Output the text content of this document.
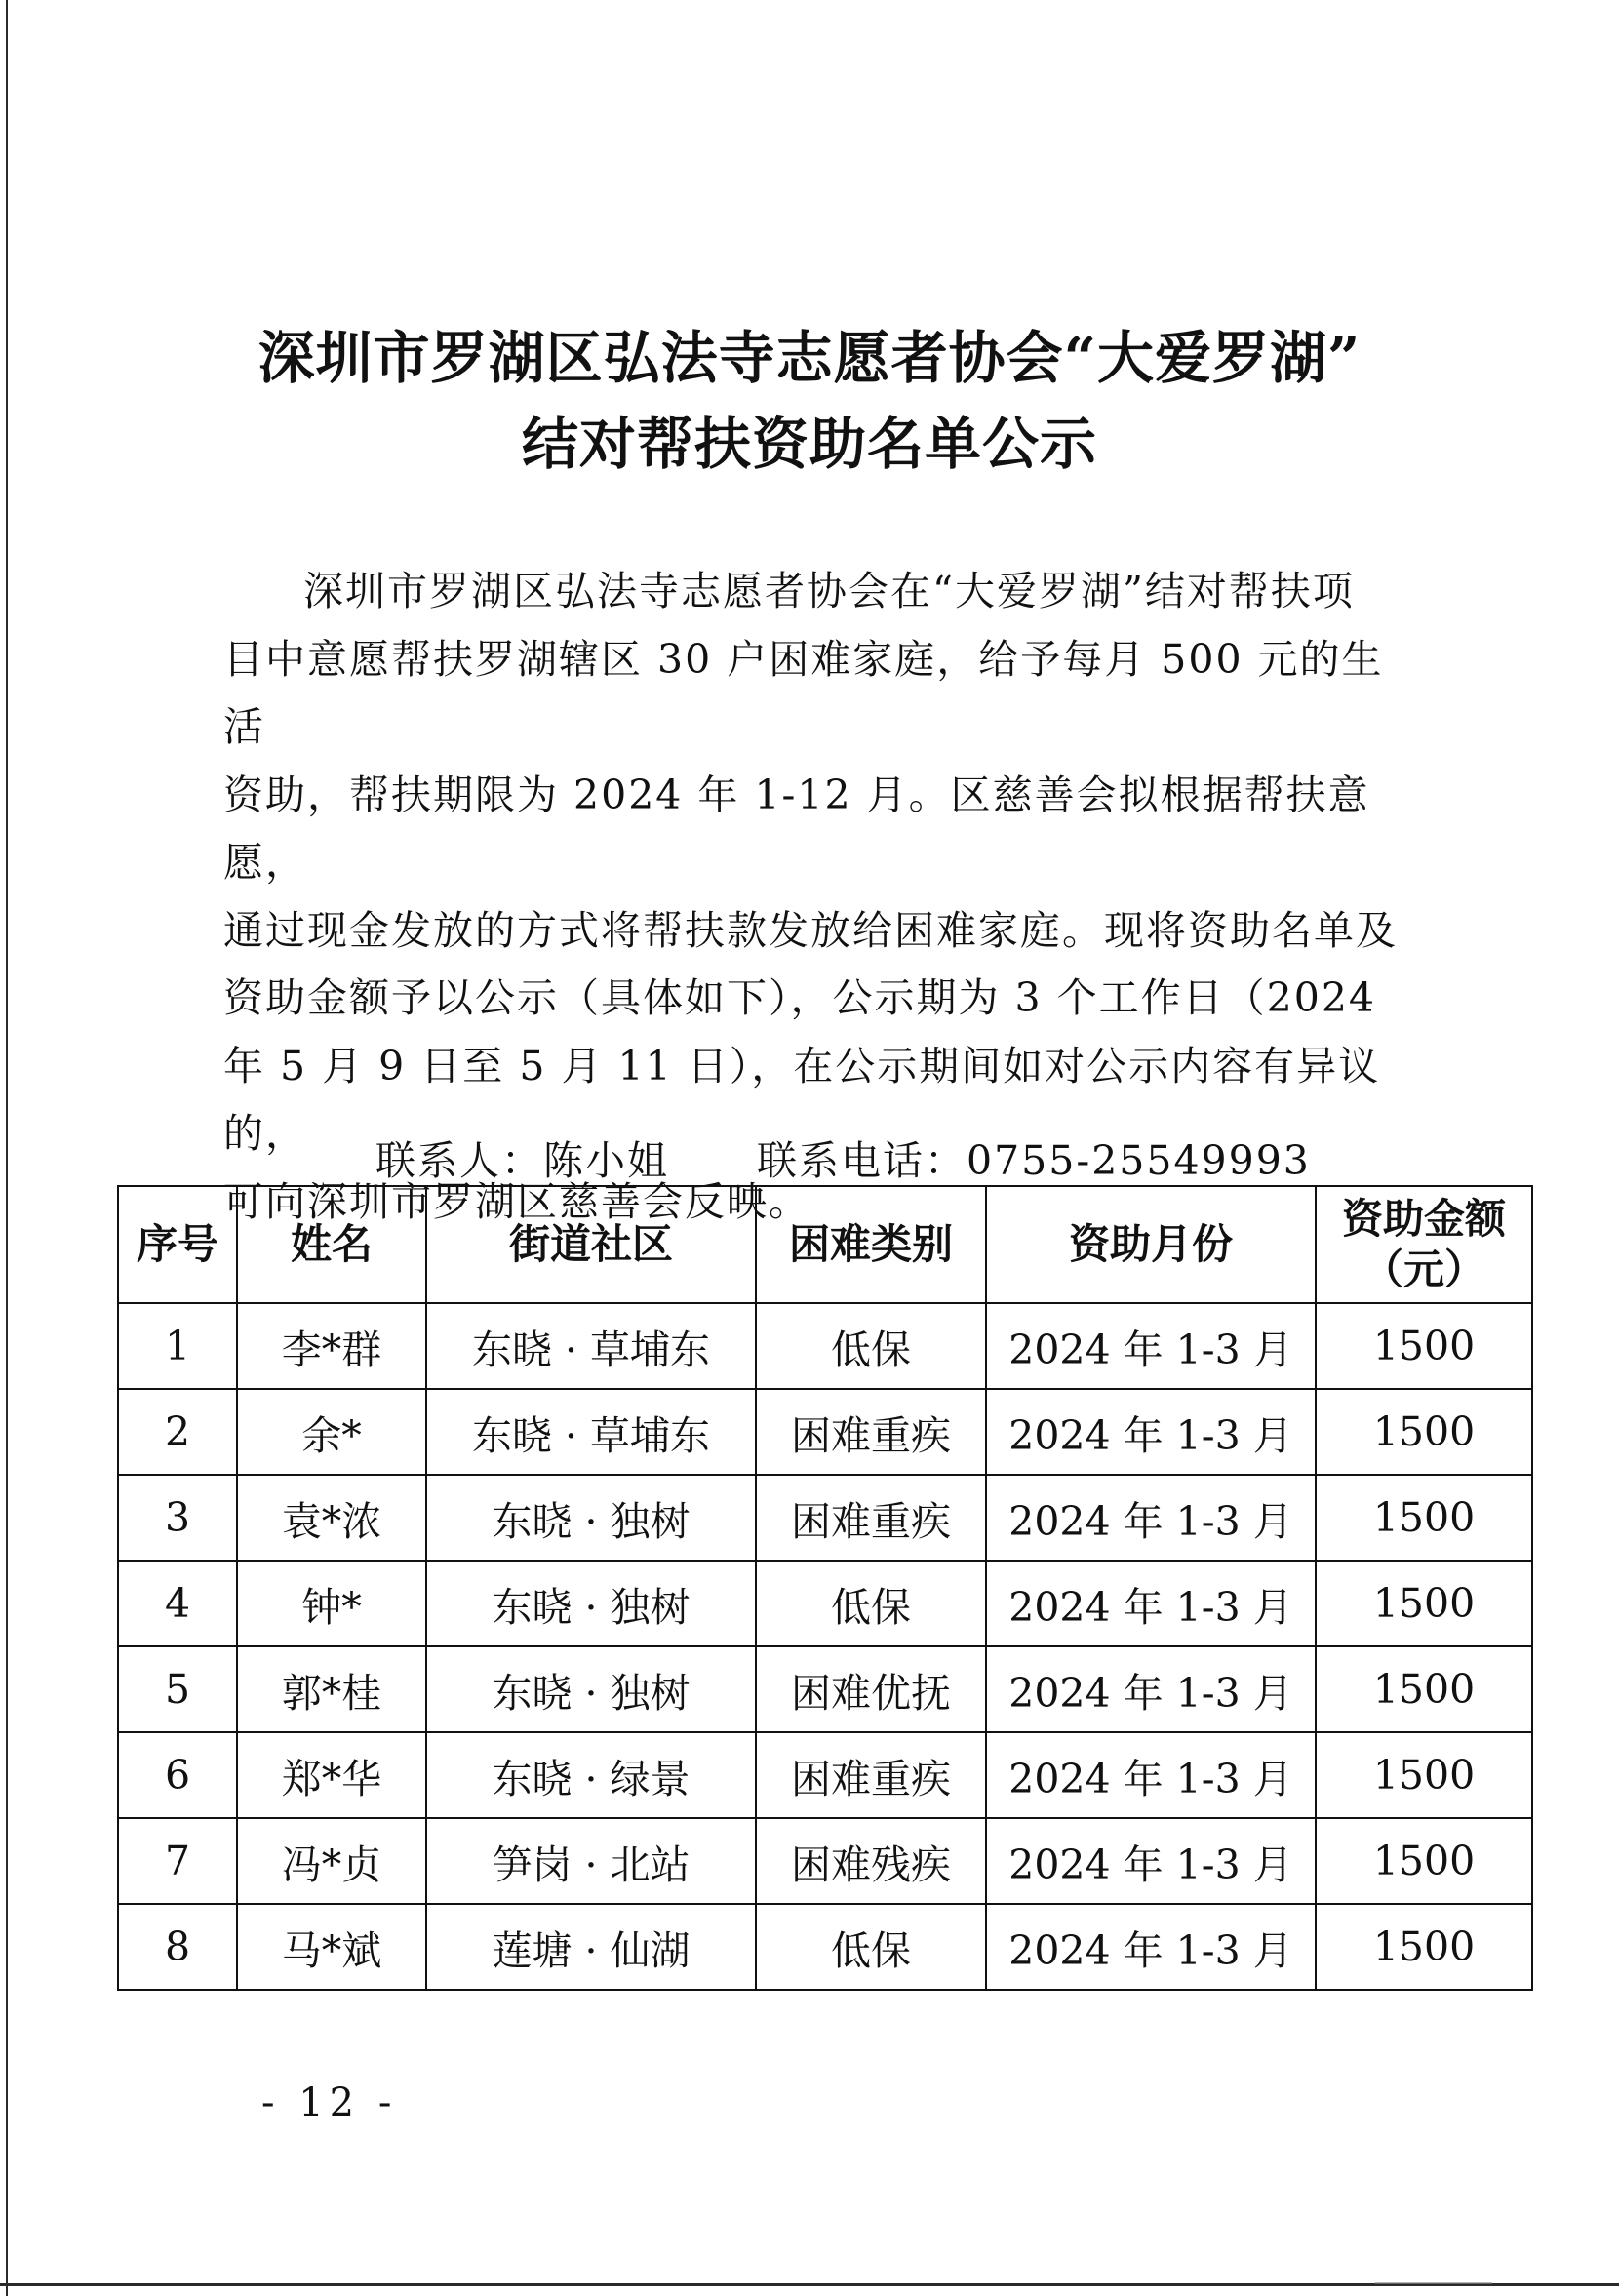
深圳市罗湖区弘法寺志愿者协会“大爱罗湖”
结对帮扶资助名单公示

深圳市罗湖区弘法寺志愿者协会在“大爱罗湖”结对帮扶项

目中意愿帮扶罗湖辖区 30 户困难家庭，给予每月 500 元的生活

资助，帮扶期限为 2024 年 1-12 月。区慈善会拟根据帮扶意愿，

通过现金发放的方式将帮扶款发放给困难家庭。现将资助名单及

资助金额予以公示（具体如下），公示期为 3 个工作日（2024

年 5 月 9 日至 5 月 11 日），在公示期间如对公示内容有异议的，

可向深圳市罗湖区慈善会反映。

联系人：陈小姐 联系电话：0755-25549993
序号	姓名	街道社区	困难类别	资助月份	资助金额
（元）
1	李*群	东晓 · 草埔东	低保	2024 年 1-3 月	1500
2	余*	东晓 · 草埔东	困难重疾	2024 年 1-3 月	1500
3	袁*浓	东晓 · 独树	困难重疾	2024 年 1-3 月	1500
4	钟*	东晓 · 独树	低保	2024 年 1-3 月	1500
5	郭*桂	东晓 · 独树	困难优抚	2024 年 1-3 月	1500
6	郑*华	东晓 · 绿景	困难重疾	2024 年 1-3 月	1500
7	冯*贞	笋岗 · 北站	困难残疾	2024 年 1-3 月	1500
8	马*斌	莲塘 · 仙湖	低保	2024 年 1-3 月	1500
- 12 -
